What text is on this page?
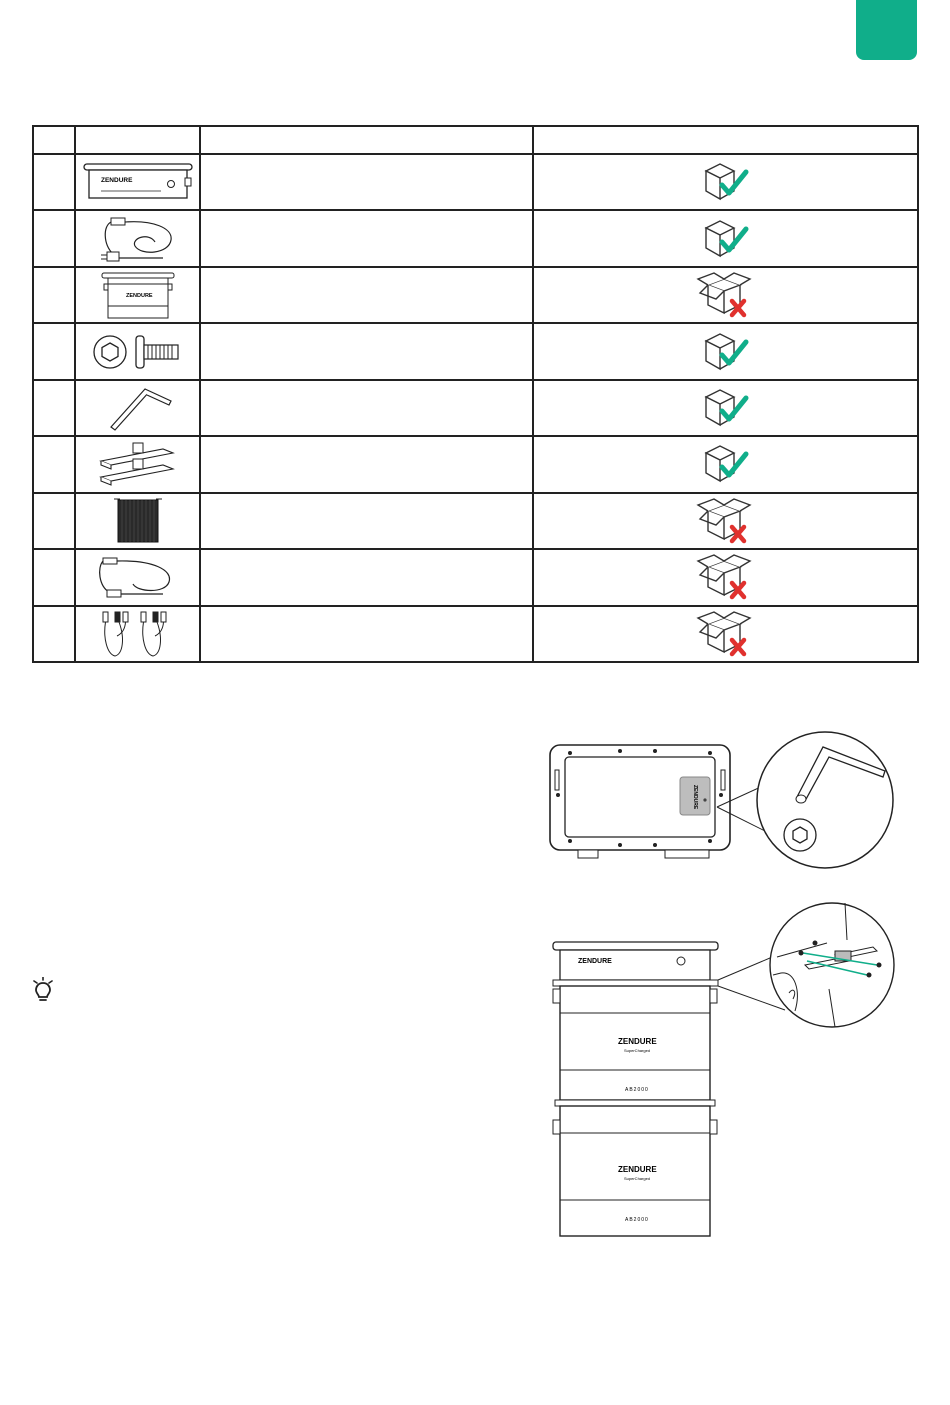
ZENDURE

ZENDURE

ZENDURE
ZENDURE
ZENDURE
SuperCharged
AB2000
ZENDURE
SuperCharged
AB2000
